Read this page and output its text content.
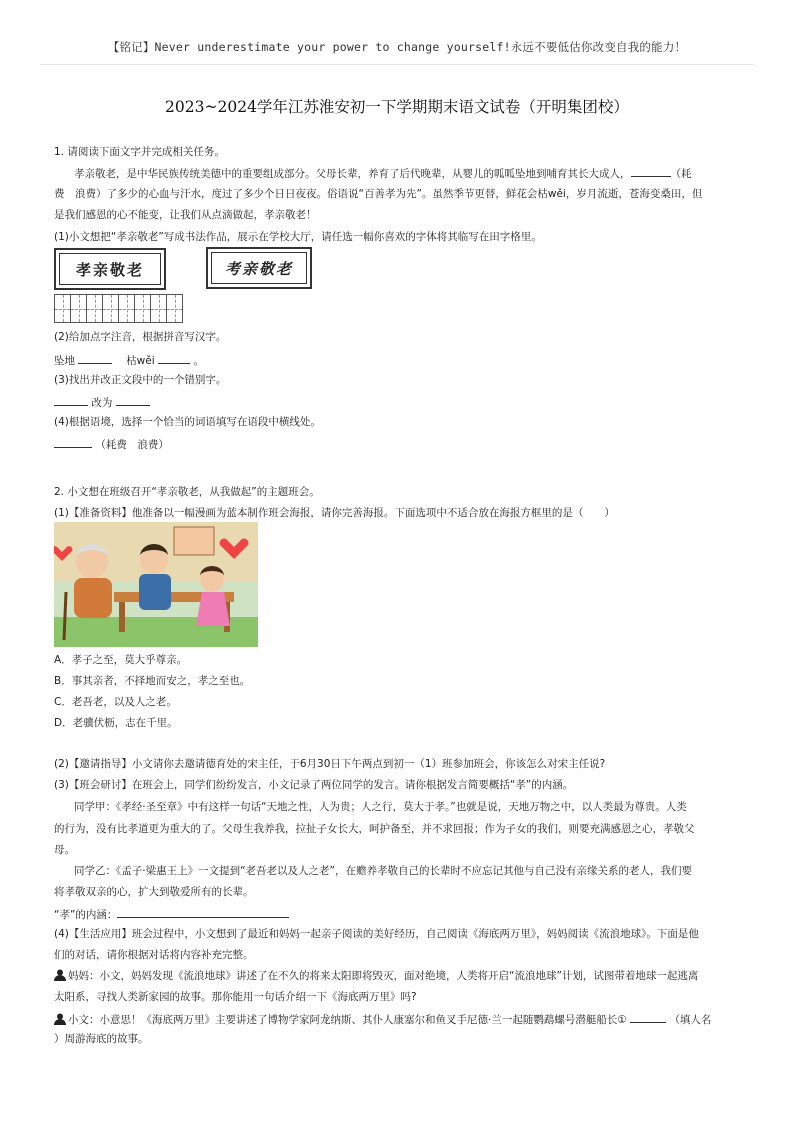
【铭记】Never underestimate your power to change yourself!永远不要低估你改变自我的能力！
2023~2024学年江苏淮安初一下学期期末语文试卷（开明集团校）
1. 请阅读下面文字并完成相关任务。
孝亲敬老，是中华民族传统美德中的重要组成部分。父母长辈，养育了后代晚辈，从婴儿的呱呱坠地到哺育其长大成人，	（耗
费　浪费）了多少的心血与汗水，度过了多少个日日夜夜。俗语说“百善孝为先”。虽然季节更替，鲜花会枯wěi，岁月流逝，苍海变桑田，但
是我们感恩的心不能变，让我们从点滴做起，孝亲敬老！
(1)小文想把“孝亲敬老”写成书法作品，展示在学校大厅，请任选一幅你喜欢的字体将其临写在田字格里。
孝亲敬老	考亲敬老
(2)给加点字注音，根据拼音写汉字。
坠地 　	枯wěi	。
(3)找出并改正文段中的一个错别字。
改为
(4)根据语境，选择一个恰当的词语填写在语段中横线处。
（耗费　浪费）
2. 小文想在班级召开“孝亲敬老，从我做起”的主题班会。
(1)【准备资料】他准备以一幅漫画为蓝本制作班会海报，请你完善海报。下面选项中不适合放在海报方框里的是（　　）
A．孝子之至，莫大乎尊亲。
B．事其亲者，不择地而安之，孝之至也。
C．老吾老，以及人之老。
D．老骥伏枥，志在千里。
(2)【邀请指导】小文请你去邀请德育处的宋主任，于6月30日下午两点到初一（1）班参加班会，你该怎么对宋主任说?
(3)【班会研讨】在班会上，同学们纷纷发言，小文记录了两位同学的发言。请你根据发言简要概括“孝”的内涵。
同学甲：《孝经·圣至章》中有这样一句话“天地之性，人为贵；人之行，莫大于孝。”也就是说，天地万物之中，以人类最为尊贵。人类
的行为，没有比孝道更为重大的了。父母生我养我，拉扯子女长大，呵护备至，并不求回报；作为子女的我们，则要充满感恩之心，孝敬父
母。
同学乙：《孟子·梁惠王上》一文提到“老吾老以及人之老”，在赡养孝敬自己的长辈时不应忘记其他与自己没有亲缘关系的老人，我们要
将孝敬双亲的心，扩大到敬爱所有的长辈。
“孝”的内涵：
(4)【生活应用】班会过程中，小文想到了最近和妈妈一起亲子阅读的美好经历，自己阅读《海底两万里》，妈妈阅读《流浪地球》。下面是他
们的对话，请你根据对话将内容补充完整。
妈妈：小文，妈妈发现《流浪地球》讲述了在不久的将来太阳即将毁灭，面对绝境，人类将开启“流浪地球”计划，试图带着地球一起逃离
太阳系，寻找人类新家园的故事。那你能用一句话介绍一下《海底两万里》吗?
小文：小意思！《海底两万里》主要讲述了博物学家阿龙纳斯、其仆人康塞尔和鱼叉手尼德·兰一起随鹦鹉螺号潜艇船长①	（填人名
）周游海底的故事。
